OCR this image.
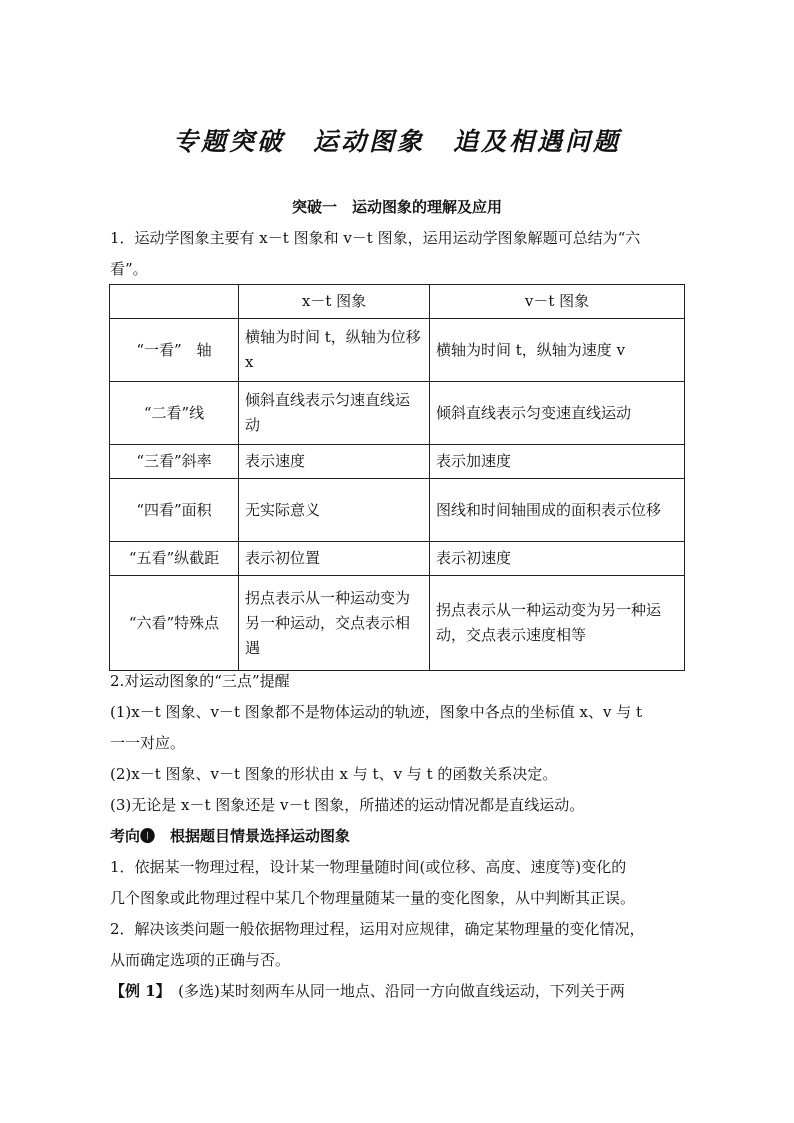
专题突破　运动图象　追及相遇问题
突破一　运动图象的理解及应用
1．运动学图象主要有 x－t 图象和 v－t 图象，运用运动学图象解题可总结为“六
看”。
	x－t 图象	v－t 图象
“一看”　轴	横轴为时间 t，纵轴为位移 x	横轴为时间 t，纵轴为速度 v
“二看”线	倾斜直线表示匀速直线运动	倾斜直线表示匀变速直线运动
“三看”斜率	表示速度	表示加速度
“四看”面积	无实际意义	图线和时间轴围成的面积表示位移
“五看”纵截距	表示初位置	表示初速度
“六看”特殊点	拐点表示从一种运动变为另一种运动，交点表示相遇	拐点表示从一种运动变为另一种运动，交点表示速度相等
2.对运动图象的“三点”提醒
(1)x－t 图象、v－t 图象都不是物体运动的轨迹，图象中各点的坐标值 x、v 与 t
一一对应。
(2)x－t 图象、v－t 图象的形状由 x 与 t、v 与 t 的函数关系决定。
(3)无论是 x－t 图象还是 v－t 图象，所描述的运动情况都是直线运动。
考向❶　根据题目情景选择运动图象
1．依据某一物理过程，设计某一物理量随时间(或位移、高度、速度等)变化的
几个图象或此物理过程中某几个物理量随某一量的变化图象，从中判断其正误。
2．解决该类问题一般依据物理过程，运用对应规律，确定某物理量的变化情况，
从而确定选项的正确与否。
【例 1】　(多选)某时刻两车从同一地点、沿同一方向做直线运动，下列关于两
